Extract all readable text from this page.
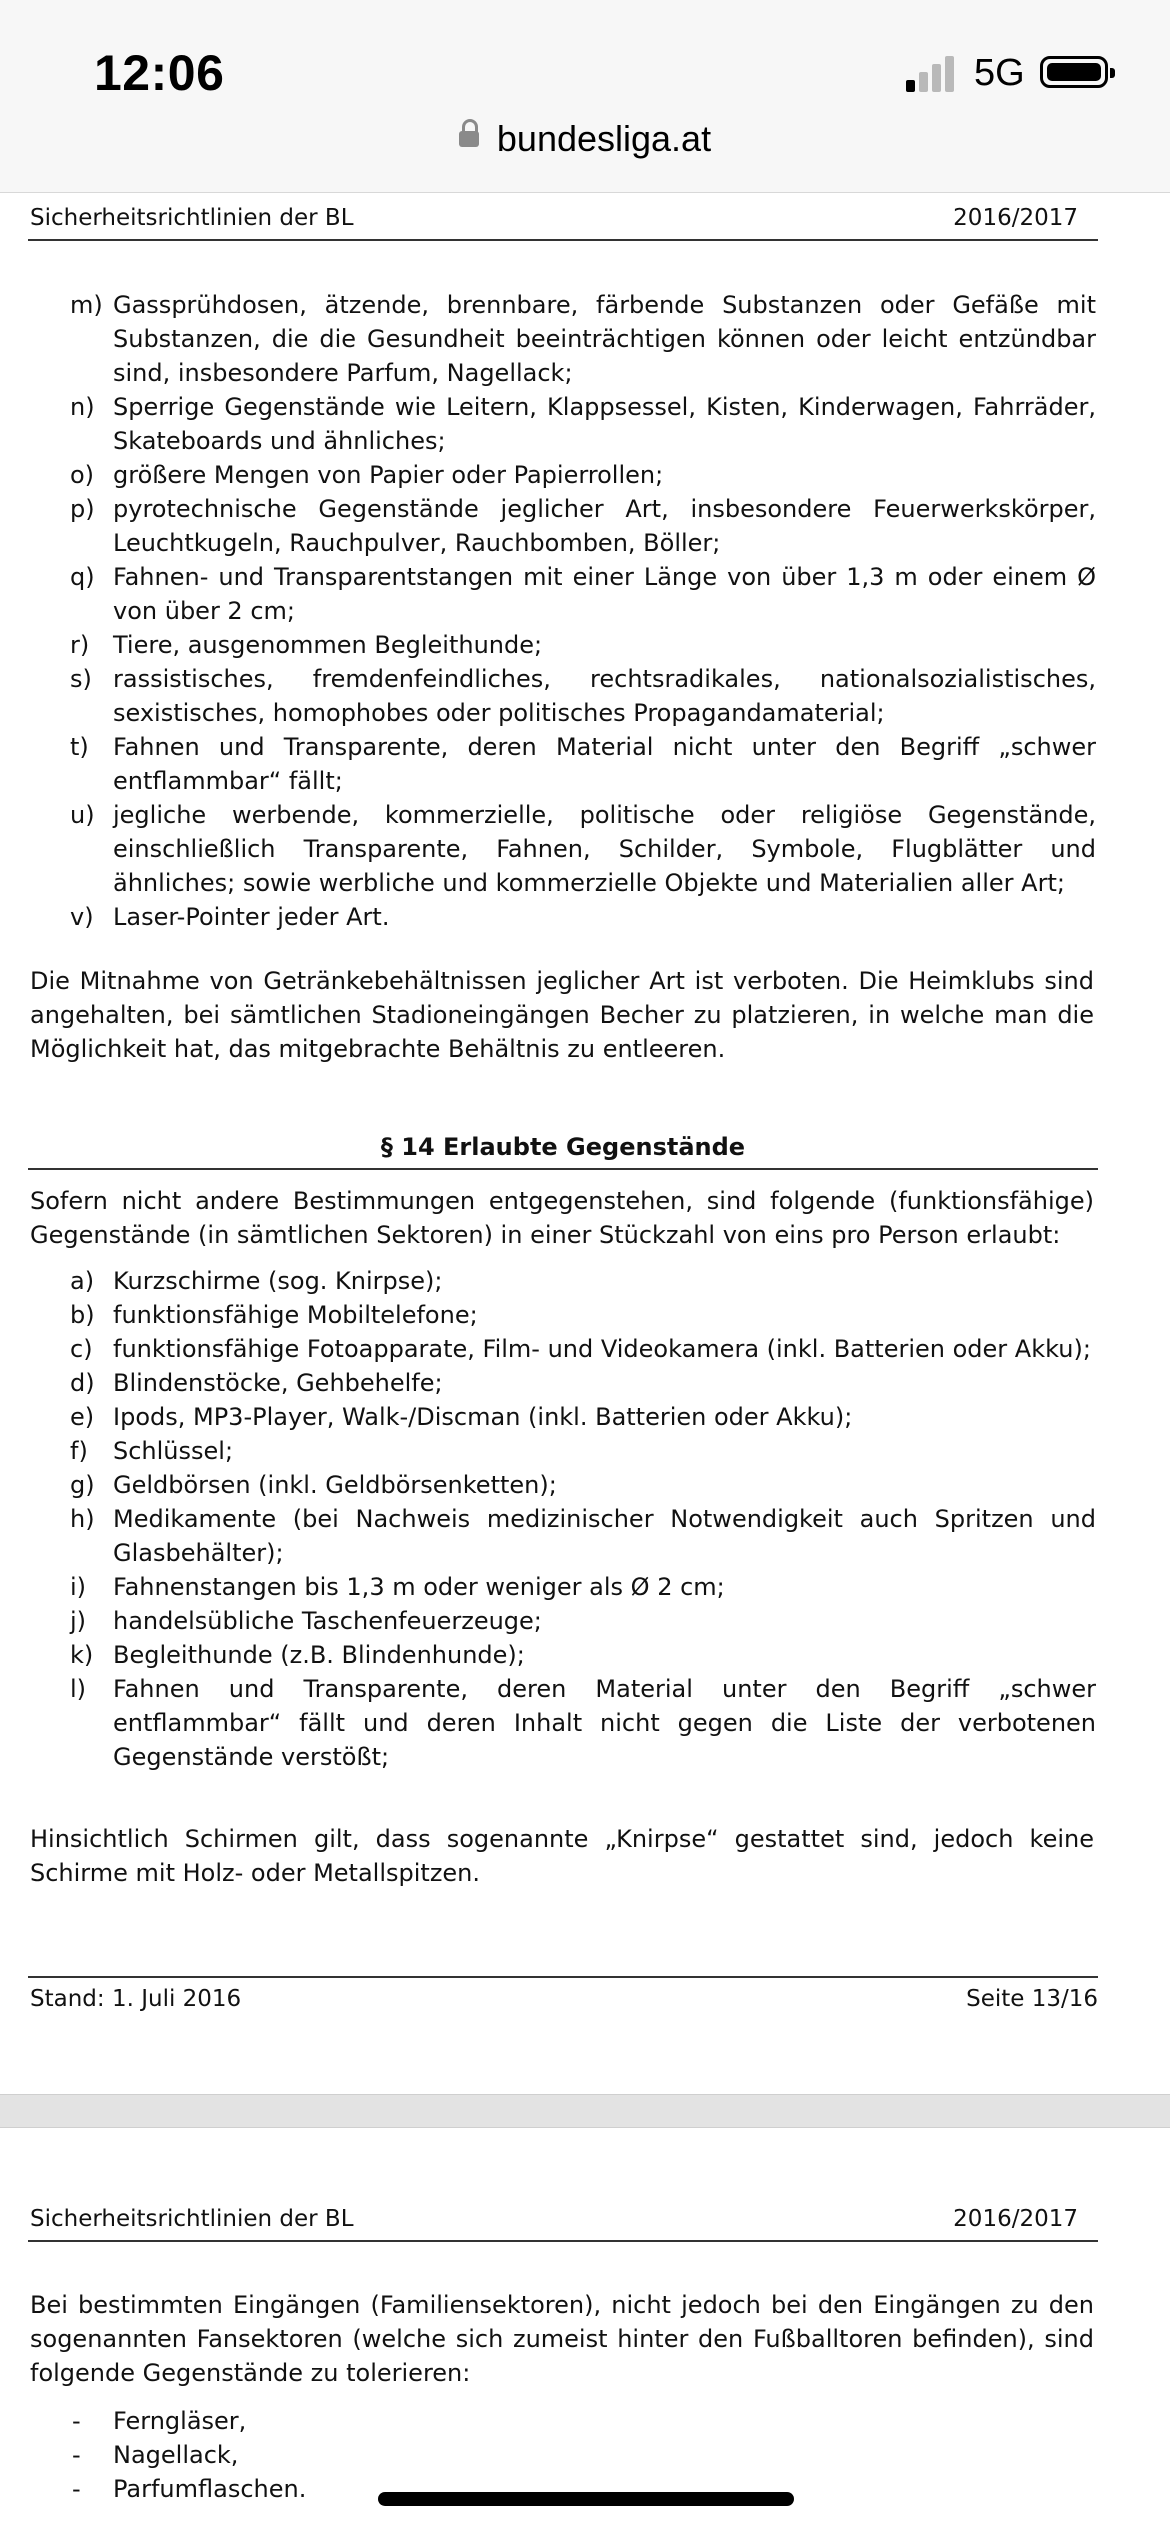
12:06	5G
bundesliga.at
Sicherheitsrichtlinien der BL	2016/2017
m) Gassprühdosen, ätzende, brennbare, färbende Substanzen oder Gefäße mit Substanzen, die die Gesundheit beeinträchtigen können oder leicht entzündbar sind, insbesondere Parfum, Nagellack;
n) Sperrige Gegenstände wie Leitern, Klappsessel, Kisten, Kinderwagen, Fahrräder, Skateboards und ähnliches;
o) größere Mengen von Papier oder Papierrollen;
p) pyrotechnische Gegenstände jeglicher Art, insbesondere Feuerwerkskörper, Leuchtkugeln, Rauchpulver, Rauchbomben, Böller;
q) Fahnen- und Transparentstangen mit einer Länge von über 1,3 m oder einem Ø von über 2 cm;
r) Tiere, ausgenommen Begleithunde;
s) rassistisches, fremdenfeindliches, rechtsradikales, nationalsozialistisches, sexistisches, homophobes oder politisches Propagandamaterial;
t) Fahnen und Transparente, deren Material nicht unter den Begriff „schwer entflammbar“ fällt;
u) jegliche werbende, kommerzielle, politische oder religiöse Gegenstände, einschließlich Transparente, Fahnen, Schilder, Symbole, Flugblätter und ähnliches; sowie werbliche und kommerzielle Objekte und Materialien aller Art;
v) Laser-Pointer jeder Art.
Die Mitnahme von Getränkebehältnissen jeglicher Art ist verboten. Die Heimklubs sind angehalten, bei sämtlichen Stadioneingängen Becher zu platzieren, in welche man die Möglichkeit hat, das mitgebrachte Behältnis zu entleeren.
§ 14 Erlaubte Gegenstände
Sofern nicht andere Bestimmungen entgegenstehen, sind folgende (funktionsfähige) Gegenstände (in sämtlichen Sektoren) in einer Stückzahl von eins pro Person erlaubt:
a) Kurzschirme (sog. Knirpse);
b) funktionsfähige Mobiltelefone;
c) funktionsfähige Fotoapparate, Film- und Videokamera (inkl. Batterien oder Akku);
d) Blindenstöcke, Gehbehelfe;
e) Ipods, MP3-Player, Walk-/Discman (inkl. Batterien oder Akku);
f) Schlüssel;
g) Geldbörsen (inkl. Geldbörsenketten);
h) Medikamente (bei Nachweis medizinischer Notwendigkeit auch Spritzen und Glasbehälter);
i) Fahnenstangen bis 1,3 m oder weniger als Ø 2 cm;
j) handelsübliche Taschenfeuerzeuge;
k) Begleithunde (z.B. Blindenhunde);
l) Fahnen und Transparente, deren Material unter den Begriff „schwer entflammbar“ fällt und deren Inhalt nicht gegen die Liste der verbotenen Gegenstände verstößt;
Hinsichtlich Schirmen gilt, dass sogenannte „Knirpse“ gestattet sind, jedoch keine Schirme mit Holz- oder Metallspitzen.
Stand: 1. Juli 2016	Seite 13/16
Sicherheitsrichtlinien der BL	2016/2017
Bei bestimmten Eingängen (Familiensektoren), nicht jedoch bei den Eingängen zu den sogenannten Fansektoren (welche sich zumeist hinter den Fußballtoren befinden), sind folgende Gegenstände zu tolerieren:
- Ferngläser,
- Nagellack,
- Parfumflaschen.
